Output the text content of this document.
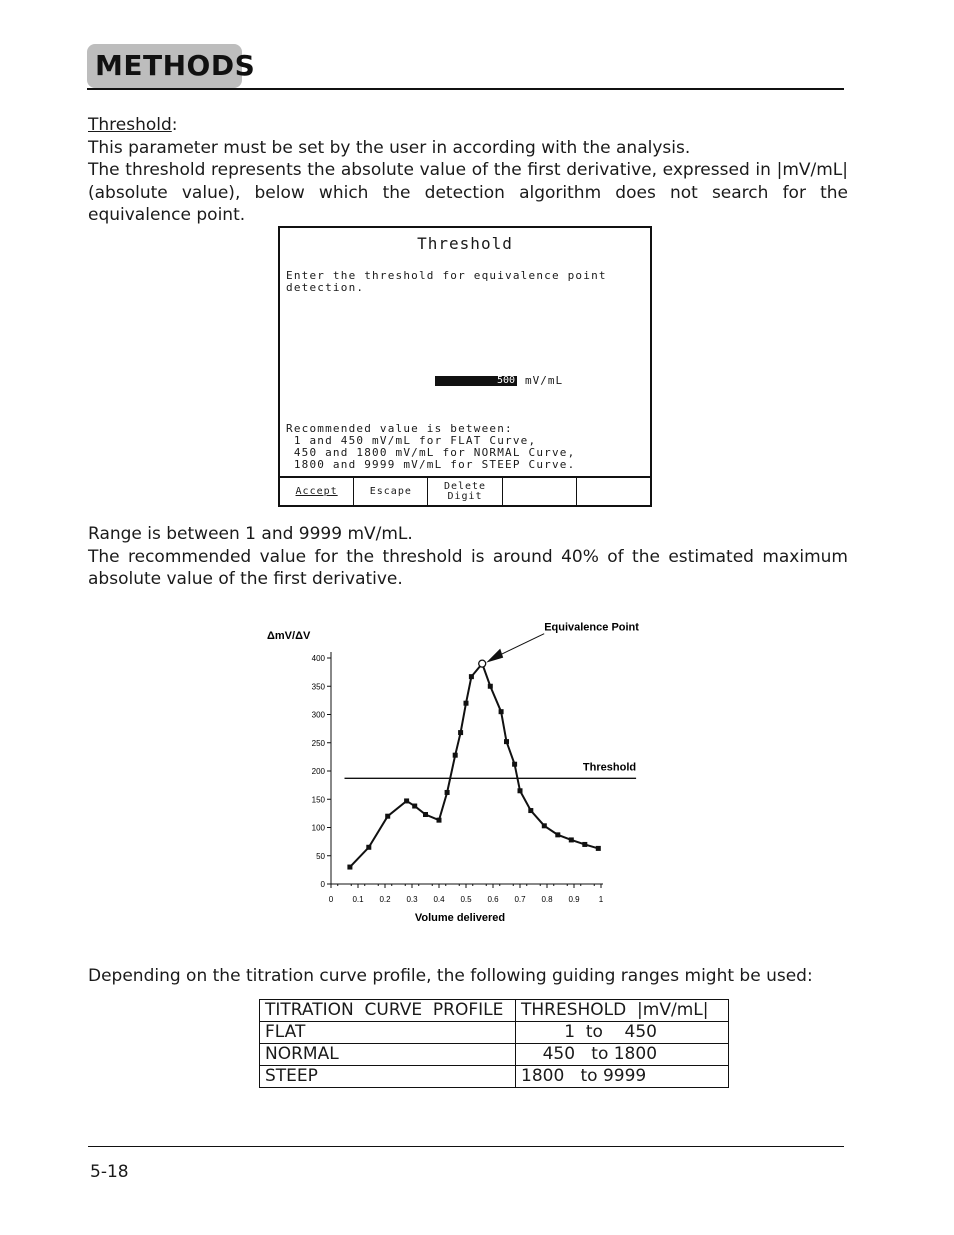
METHODS

Threshold:

This parameter must be set by the user in according with the analysis.

The threshold represents the absolute value of the first derivative, expressed in |mV/mL| (absolute value), below which the detection algorithm does not search for the equivalence point.

Threshold
Enter the threshold for equivalence point
detection.
500 mV/mL
Recommended value is between:
1 and 450 mV/mL for FLAT Curve,
450 and 1800 mV/mL for NORMAL Curve,
1800 and 9999 mV/mL for STEEP Curve.
Accept	Escape	Delete
Digit

Range is between 1 and 9999 mV/mL.

The recommended value for the threshold is around 40% of the estimated maximum absolute value of the first derivative.

ΔmV/ΔV
Volume delivered
0
50
100
150
200
250
300
350
400
0 0.1 0.2 0.3 0.4 0.5 0.6 0.7 0.8 0.9 1
Threshold
Equivalence Point
Depending on the titration curve profile, the following guiding ranges might be used:
TITRATION  CURVE  PROFILE	THRESHOLD  |mV/mL|
FLAT	1  to    450
NORMAL	450   to 1800
STEEP	1800   to 9999
5-18
